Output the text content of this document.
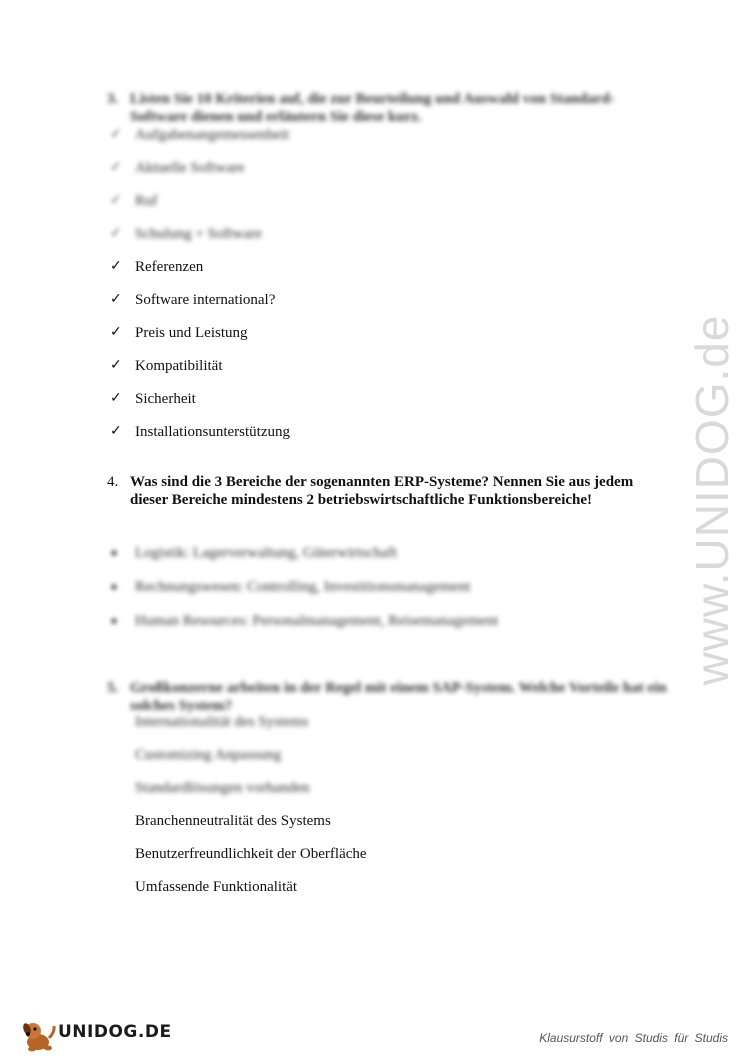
www.UNIDOG.de
3. Listen Sie 10 Kriterien auf, die zur Beurteilung und Auswahl von Standard-Software dienen und erläutern Sie diese kurz.
✓ Aufgabenangemessenheit
✓ Aktuelle Software
✓ Ruf
✓ Schulung + Software
✓ Referenzen
✓ Software international?
✓ Preis und Leistung
✓ Kompatibilität
✓ Sicherheit
✓ Installationsunterstützung
4. Was sind die 3 Bereiche der sogenannten ERP-Systeme? Nennen Sie aus jedem dieser Bereiche mindestens 2 betriebswirtschaftliche Funktionsbereiche!
Logistik: Lagerverwaltung, Güterwirtschaft
Rechnungswesen: Controlling, Investitionsmanagement
Human Resources: Personalmanagement, Reisemanagement
5. Großkonzerne arbeiten in der Regel mit einem SAP-System. Welche Vorteile hat ein solches System?
Internationalität des Systems
Customizing Anpassung
Standardlösungen vorhanden
Branchenneutralität des Systems
Benutzerfreundlichkeit der Oberfläche
Umfassende Funktionalität
UNIDOG.DE	Klausurstoff von Studis für Studis
